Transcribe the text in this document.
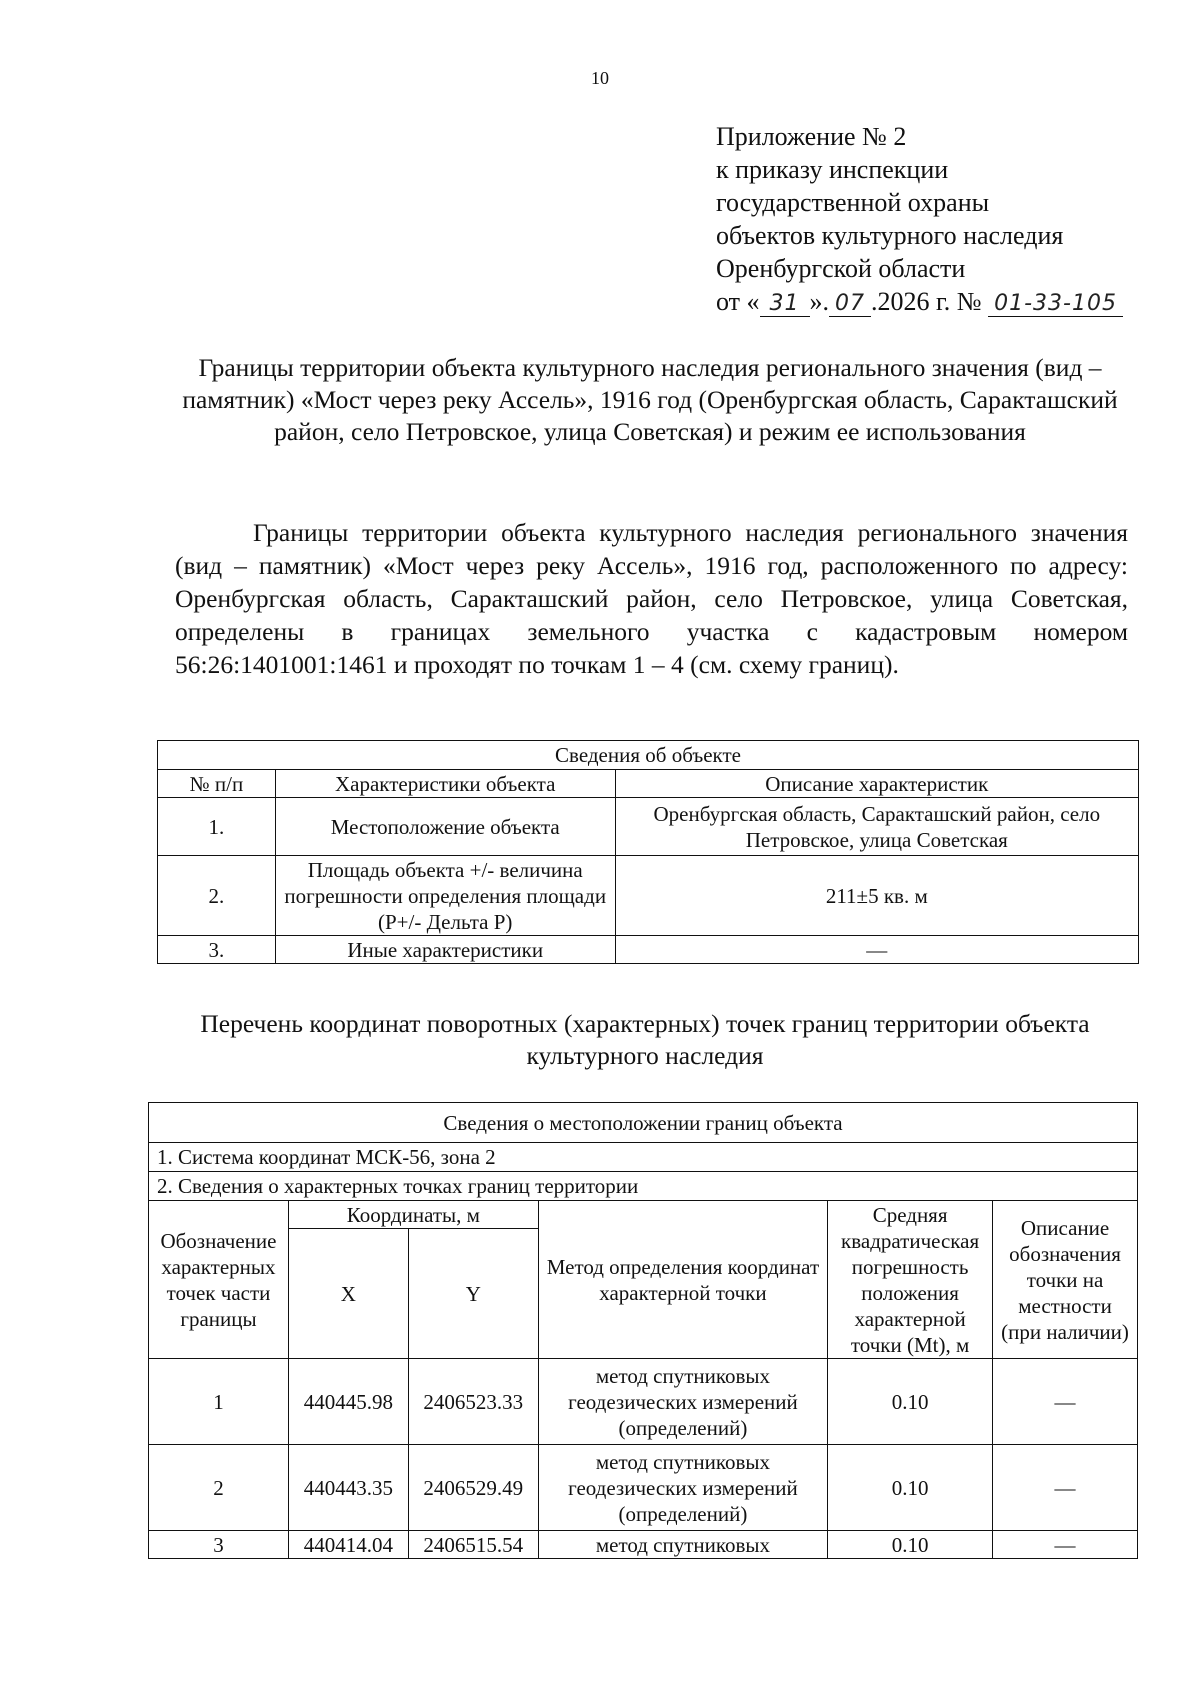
10
Приложение № 2
к приказу инспекции
государственной охраны
объектов культурного наследия
Оренбургской области
от « 31 ». 07 .2026 г. № 01-33-105
Границы территории объекта культурного наследия регионального значения (вид – памятник) «Мост через реку Ассель», 1916 год (Оренбургская область, Саракташский район, село Петровское, улица Советская) и режим ее использования
Границы территории объекта культурного наследия регионального значения (вид – памятник) «Мост через реку Ассель», 1916 год, расположенного по адресу: Оренбургская область, Саракташский район, село Петровское, улица Советская, определены в границах земельного участка с кадастровым номером 56:26:1401001:1461 и проходят по точкам 1 – 4 (см. схему границ).
Сведения об объекте		
№ п/п	Характеристики объекта	Описание характеристик
1.	Местоположение объекта	Оренбургская область, Саракташский район, село Петровское, улица Советская
2.	Площадь объекта +/- величина погрешности определения площади (P+/- Дельта P)	211±5 кв. м
3.	Иные характеристики	—
Перечень координат поворотных (характерных) точек границ территории объекта культурного наследия
Сведения о местоположении границ объекта					
1. Система координат МСК-56, зона 2					
2. Сведения о характерных точках границ территории					
Обозначение характерных точек части границы	Координаты, м		Метод определения координат характерной точки	Средняя квадратическая погрешность положения характерной точки (Mt), м	Описание обозначения точки на местности (при наличии)
	X	Y			
1	440445.98	2406523.33	метод спутниковых геодезических измерений (определений)	0.10	—
2	440443.35	2406529.49	метод спутниковых геодезических измерений (определений)	0.10	—
3	440414.04	2406515.54	метод спутниковых	0.10	—
